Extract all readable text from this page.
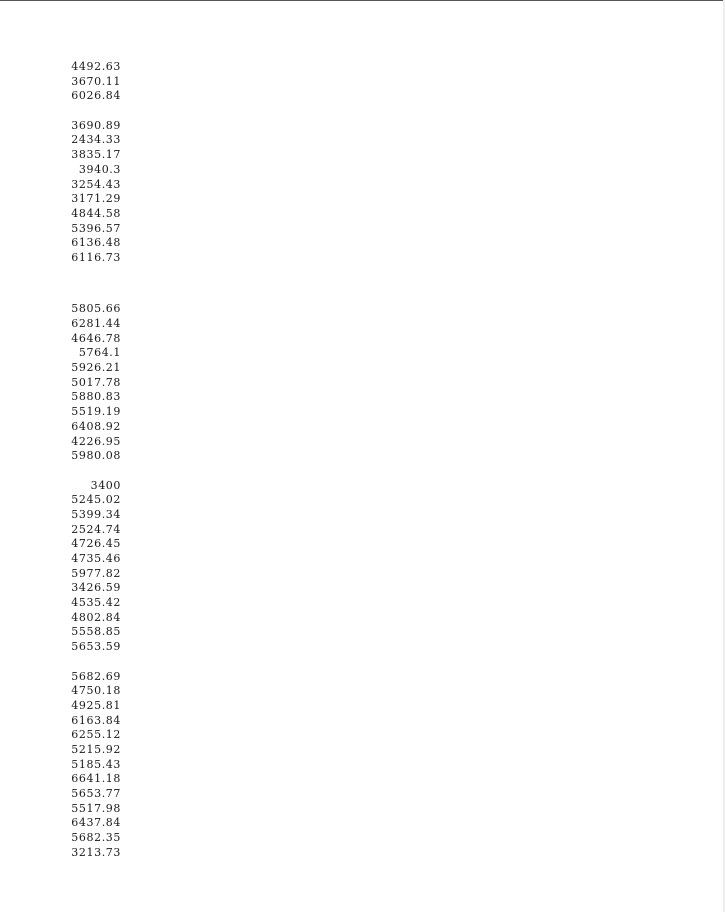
4492.63
3670.11
6026.84
3690.89
2434.33
3835.17
3940.3
3254.43
3171.29
4844.58
5396.57
6136.48
6116.73
5805.66
6281.44
4646.78
5764.1
5926.21
5017.78
5880.83
5519.19
6408.92
4226.95
5980.08
3400
5245.02
5399.34
2524.74
4726.45
4735.46
5977.82
3426.59
4535.42
4802.84
5558.85
5653.59
5682.69
4750.18
4925.81
6163.84
6255.12
5215.92
5185.43
6641.18
5653.77
5517.98
6437.84
5682.35
3213.73
